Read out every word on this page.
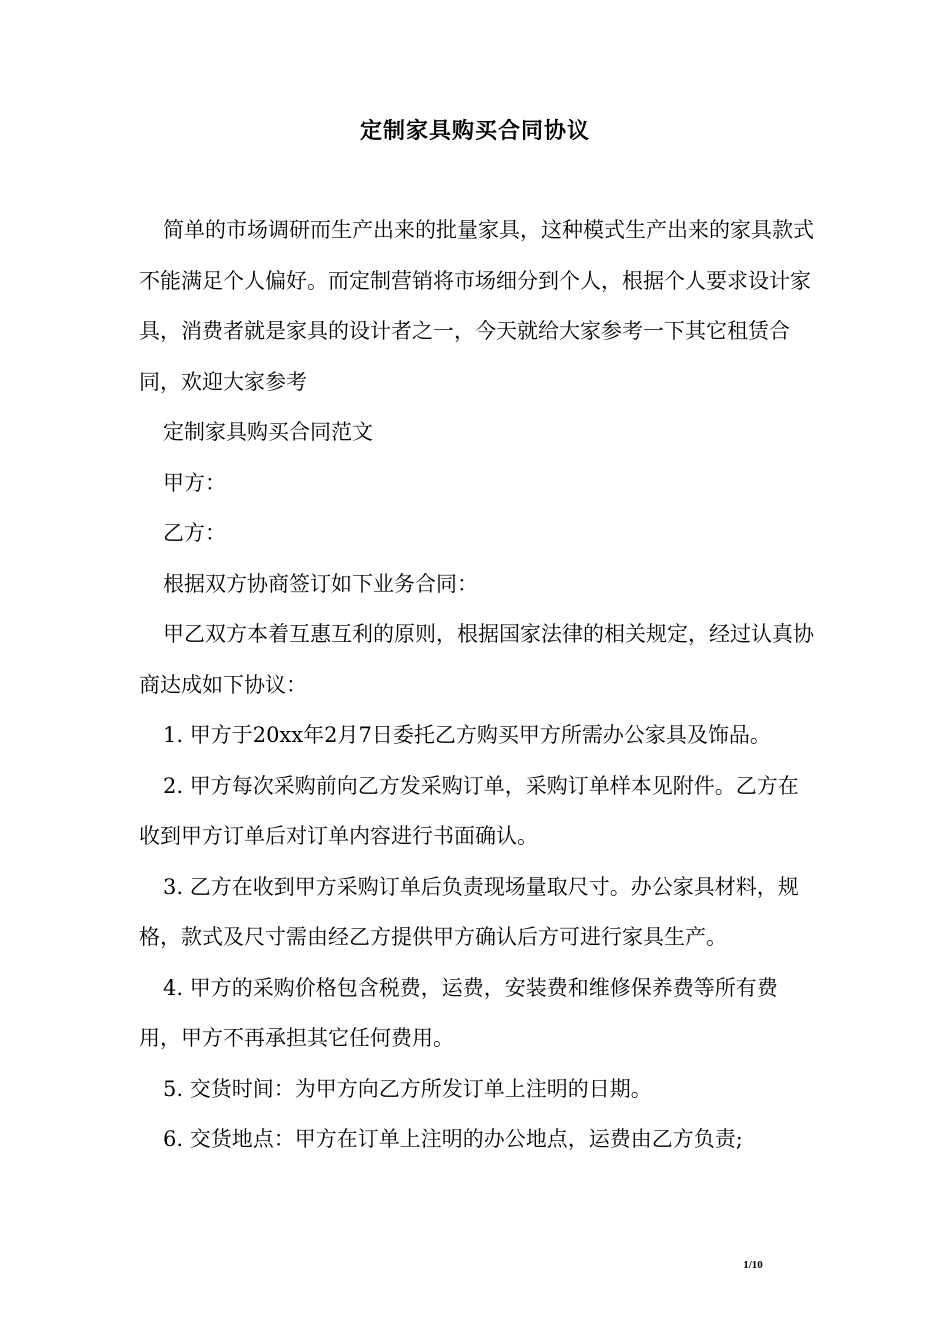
定制家具购买合同协议

简单的市场调研而生产出来的批量家具，这种模式生产出来的家具款式不能满足个人偏好。而定制营销将市场细分到个人，根据个人要求设计家具，消费者就是家具的设计者之一，今天就给大家参考一下其它租赁合同，欢迎大家参考

定制家具购买合同范文

甲方：

乙方：

根据双方协商签订如下业务合同：

甲乙双方本着互惠互利的原则，根据国家法律的相关规定，经过认真协商达成如下协议：

1. 甲方于20xx年2月7日委托乙方购买甲方所需办公家具及饰品。

2. 甲方每次采购前向乙方发采购订单，采购订单样本见附件。乙方在收到甲方订单后对订单内容进行书面确认。

3. 乙方在收到甲方采购订单后负责现场量取尺寸。办公家具材料，规格，款式及尺寸需由经乙方提供甲方确认后方可进行家具生产。

4. 甲方的采购价格包含税费，运费，安装费和维修保养费等所有费用，甲方不再承担其它任何费用。

5. 交货时间：为甲方向乙方所发订单上注明的日期。

6. 交货地点：甲方在订单上注明的办公地点，运费由乙方负责;

1/10
